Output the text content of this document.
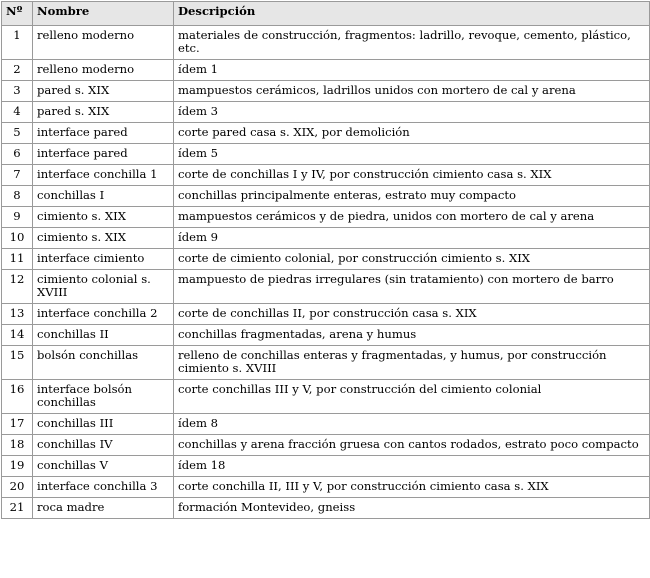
Nº	Nombre	Descripción
1	relleno moderno	materiales de construcción, fragmentos: ladrillo, revoque, cemento, plástico, etc.
2	relleno moderno	ídem 1
3	pared s. XIX	mampuestos cerámicos, ladrillos unidos con mortero de cal y arena
4	pared s. XIX	ídem 3
5	interface pared	corte pared casa s. XIX, por demolición
6	interface pared	ídem 5
7	interface conchilla 1	corte de conchillas I y IV, por construcción cimiento casa s. XIX
8	conchillas I	conchillas principalmente enteras, estrato muy compacto
9	cimiento s. XIX	mampuestos cerámicos y de piedra, unidos con mortero de cal y arena
10	cimiento s. XIX	ídem 9
11	interface cimiento	corte de cimiento colonial, por construcción cimiento s. XIX
12	cimiento colonial s. XVIII	mampuesto de piedras irregulares (sin tratamiento) con mortero de barro
13	interface conchilla 2	corte de conchillas II, por construcción casa s. XIX
14	conchillas II	conchillas fragmentadas, arena y humus
15	bolsón conchillas	relleno de conchillas enteras y fragmentadas, y humus, por construcción cimiento s. XVIII
16	interface bolsón conchillas	corte conchillas III y V, por construcción del cimiento colonial
17	conchillas III	ídem 8
18	conchillas IV	conchillas y arena fracción gruesa con cantos rodados, estrato poco compacto
19	conchillas V	ídem 18
20	interface conchilla 3	corte conchilla II, III y V, por construcción cimiento casa s. XIX
21	roca madre	formación Montevideo, gneiss
